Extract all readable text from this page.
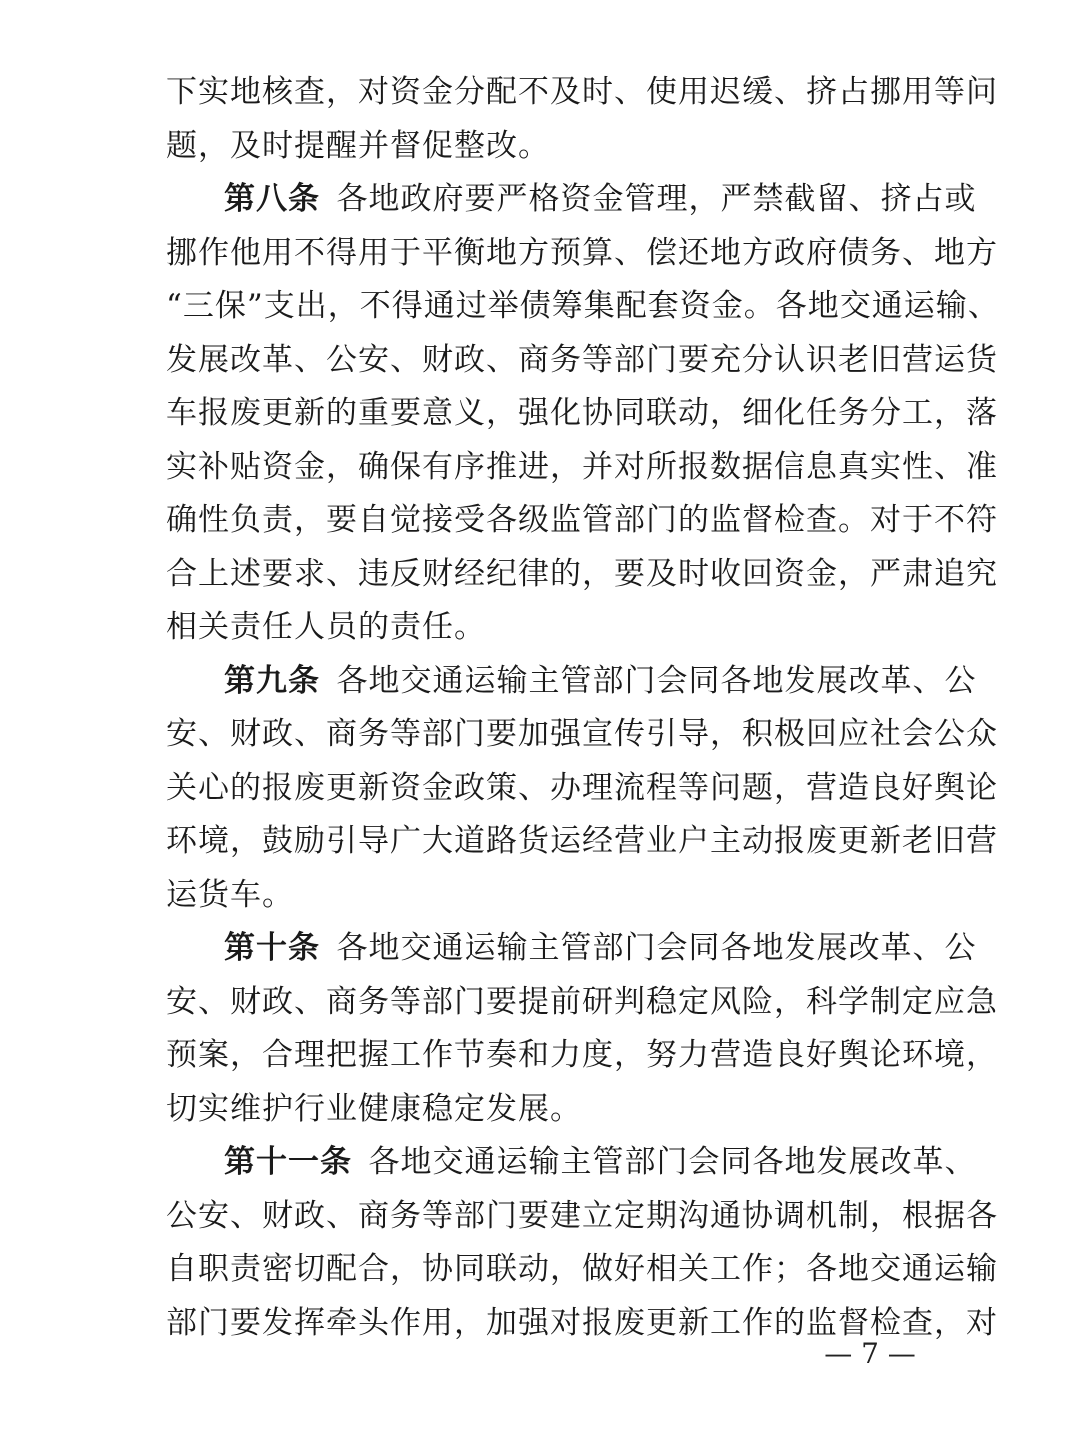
下实地核查，对资金分配不及时、使用迟缓、挤占挪用等问
题，及时提醒并督促整改。
第八条  各地政府要严格资金管理，严禁截留、挤占或
挪作他用不得用于平衡地方预算、偿还地方政府债务、地方
“三保”支出，不得通过举债筹集配套资金。各地交通运输、
发展改革、公安、财政、商务等部门要充分认识老旧营运货
车报废更新的重要意义，强化协同联动，细化任务分工，落
实补贴资金，确保有序推进，并对所报数据信息真实性、准
确性负责，要自觉接受各级监管部门的监督检查。对于不符
合上述要求、违反财经纪律的，要及时收回资金，严肃追究
相关责任人员的责任。
第九条  各地交通运输主管部门会同各地发展改革、公
安、财政、商务等部门要加强宣传引导，积极回应社会公众
关心的报废更新资金政策、办理流程等问题，营造良好舆论
环境，鼓励引导广大道路货运经营业户主动报废更新老旧营
运货车。
第十条  各地交通运输主管部门会同各地发展改革、公
安、财政、商务等部门要提前研判稳定风险，科学制定应急
预案，合理把握工作节奏和力度，努力营造良好舆论环境，
切实维护行业健康稳定发展。
第十一条  各地交通运输主管部门会同各地发展改革、
公安、财政、商务等部门要建立定期沟通协调机制，根据各
自职责密切配合，协同联动，做好相关工作；各地交通运输
部门要发挥牵头作用，加强对报废更新工作的监督检查，对
— 7 —
